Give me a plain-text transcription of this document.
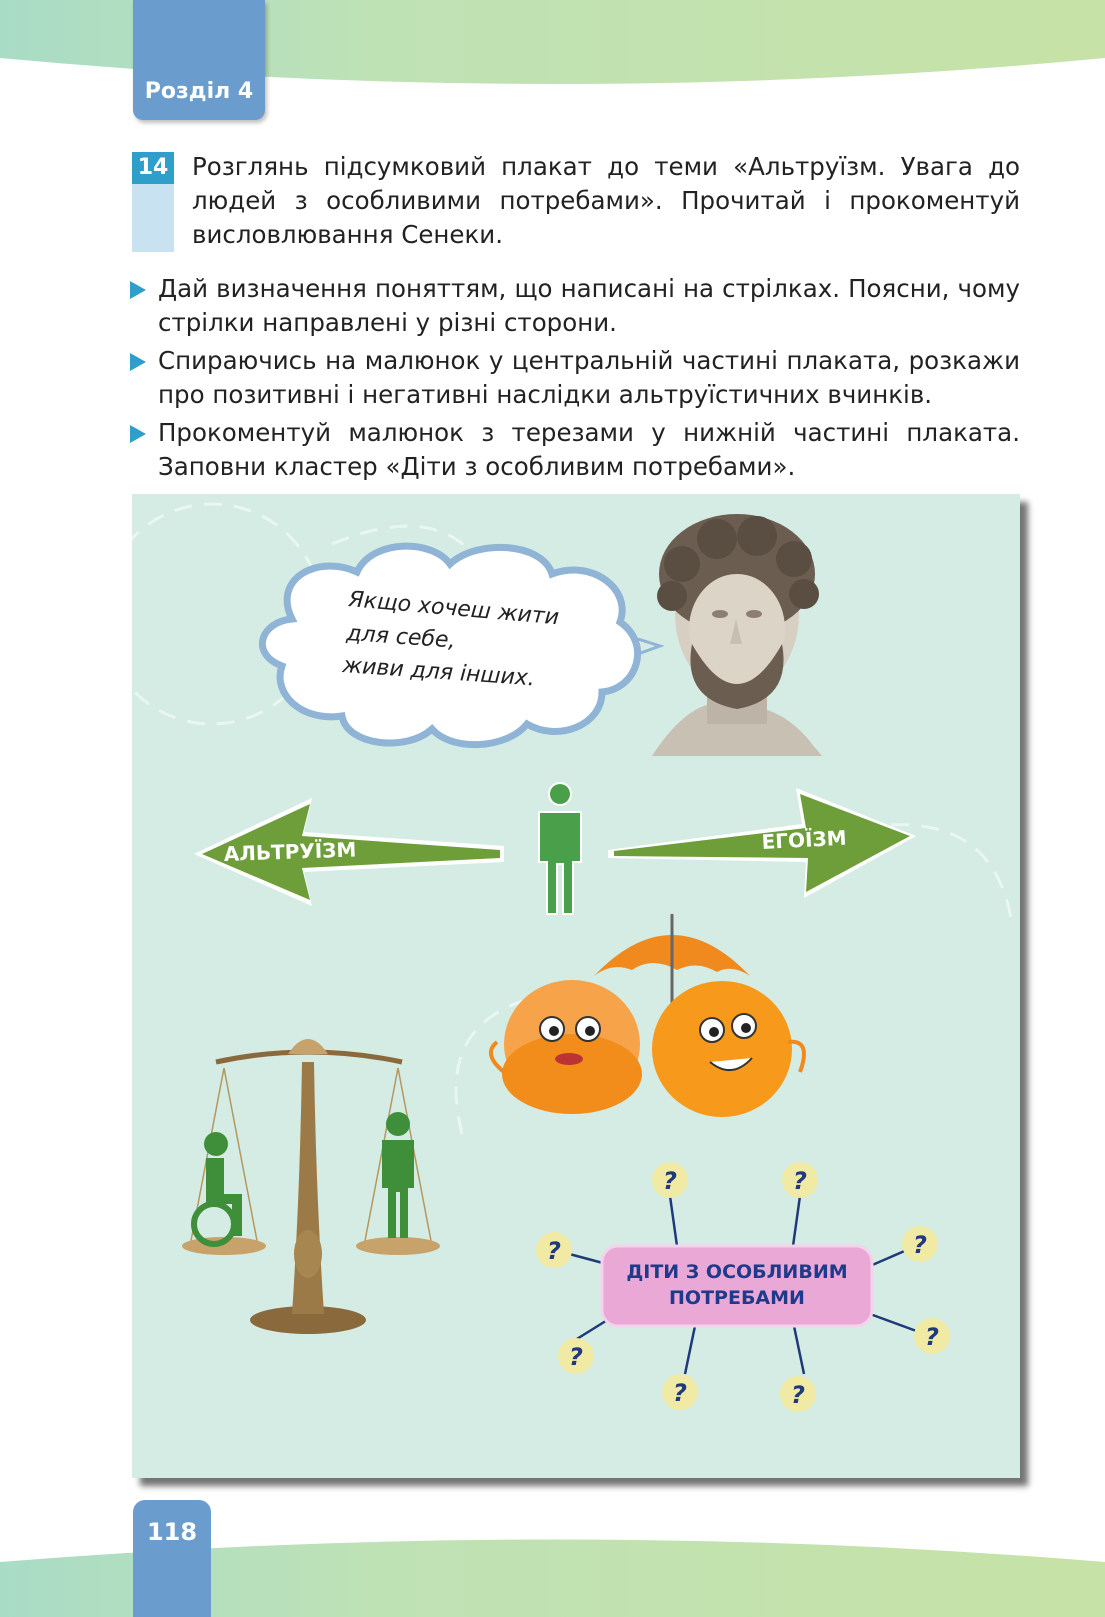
Розділ 4
14 Розглянь підсумковий плакат до теми «Альтруїзм. Увага до людей з особливими потребами». Прочитай і прокоментуй висловлювання Сенеки.
Дай визначення поняттям, що написані на стрілках. Поясни, чому стрілки направлені у різні сторони.
Спираючись на малюнок у центральній частині плаката, розкажи про позитивні і негативні наслідки альтруїстичних вчинків.
Прокоментуй малюнок з терезами у нижній частині плаката. Заповни кластер «Діти з особливим потребами».
Якщо хочеш жити
для себе,
живи для інших.
АЛЬТРУЇЗМ	ЕГОЇЗМ
ДІТИ З ОСОБЛИВИМ
ПОТРЕБАМИ
?	?
?	?
?
?
?	?
118
